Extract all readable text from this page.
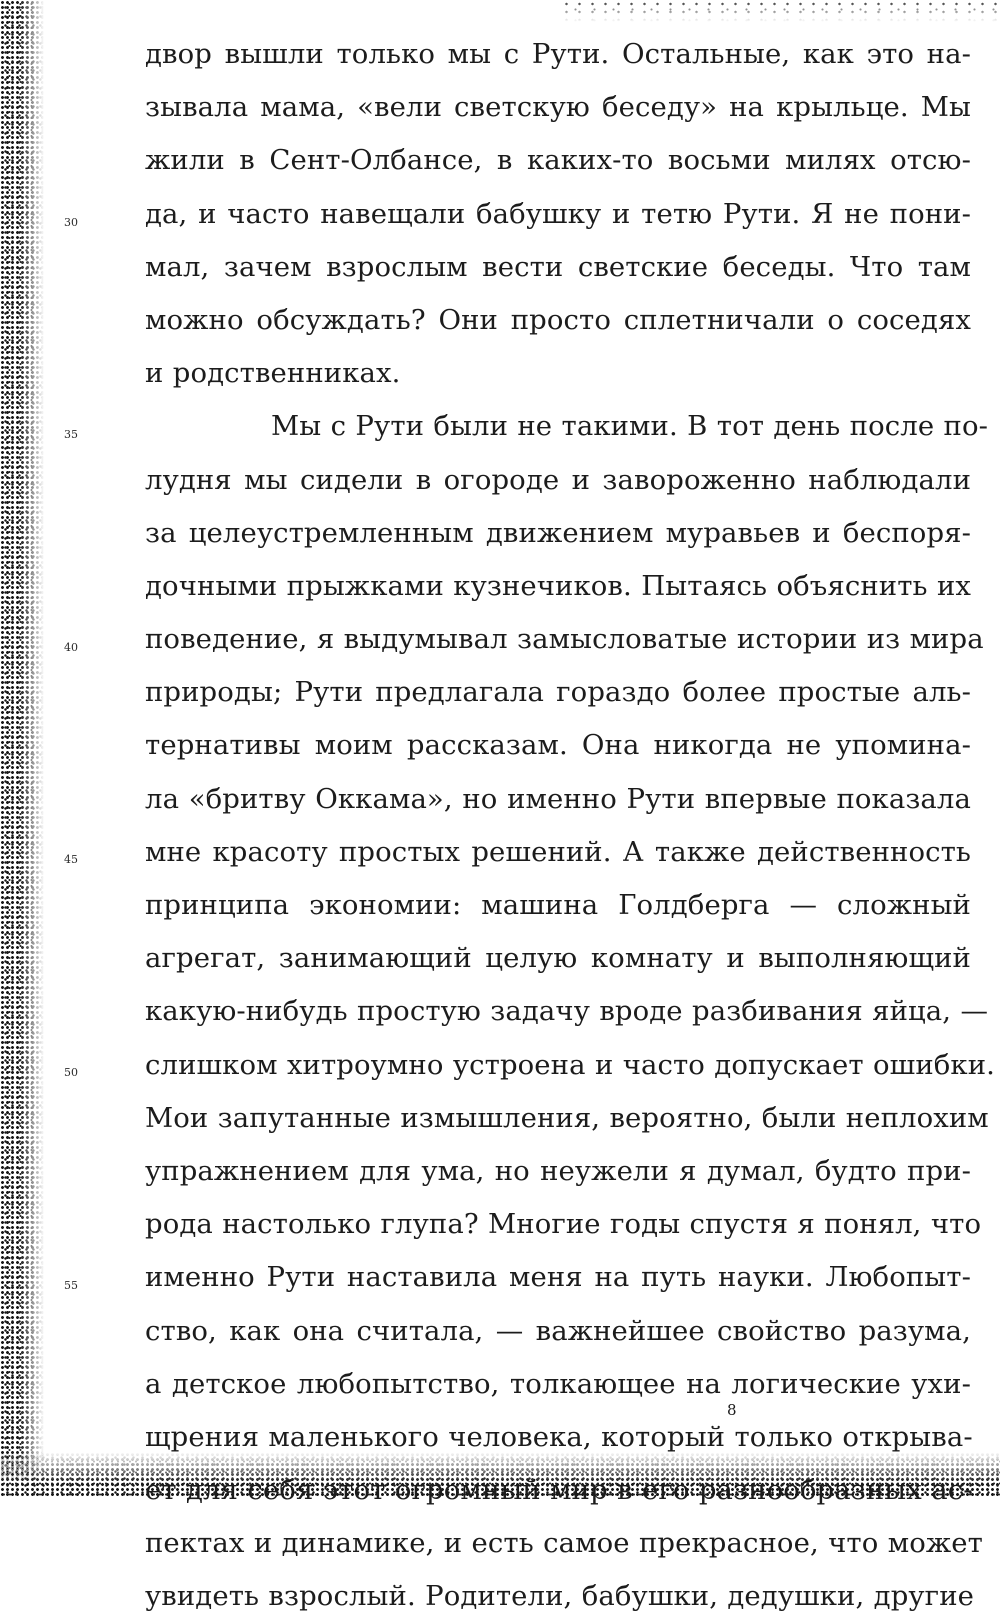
30
35
40
45
50
55
двор вышли только мы с Рути. Остальные, как это на-
зывала мама, «вели светскую беседу» на крыльце. Мы
жили в Сент-Олбансе, в каких-то восьми милях отсю-
да, и часто навещали бабушку и тетю Рути. Я не пони-
мал, зачем взрослым вести светские беседы. Что там
можно обсуждать? Они просто сплетничали о соседях
и родственниках.
Мы с Рути были не такими. В тот день после по-
лудня мы сидели в огороде и завороженно наблюдали
за целеустремленным движением муравьев и беспоря-
дочными прыжками кузнечиков. Пытаясь объяснить их
поведение, я выдумывал замысловатые истории из мира
природы; Рути предлагала гораздо более простые аль-
тернативы моим рассказам. Она никогда не упомина-
ла «бритву Оккама», но именно Рути впервые показала
мне красоту простых решений. А также действенность
принципа экономии: машина Голдберга — сложный
агрегат, занимающий целую комнату и выполняющий
какую-нибудь простую задачу вроде разбивания яйца, —
слишком хитроумно устроена и часто допускает ошибки.
Мои запутанные измышления, вероятно, были неплохим
упражнением для ума, но неужели я думал, будто при-
рода настолько глупа? Многие годы спустя я понял, что
именно Рути наставила меня на путь науки. Любопыт-
ство, как она считала, — важнейшее свойство разума,
а детское любопытство, толкающее на логические ухи-
щрения маленького человека, который только открыва-
ет для себя этот огромный мир в его разнообразных ас-
пектах и динамике, и есть самое прекрасное, что может
увидеть взрослый. Родители, бабушки, дедушки, другие
8
